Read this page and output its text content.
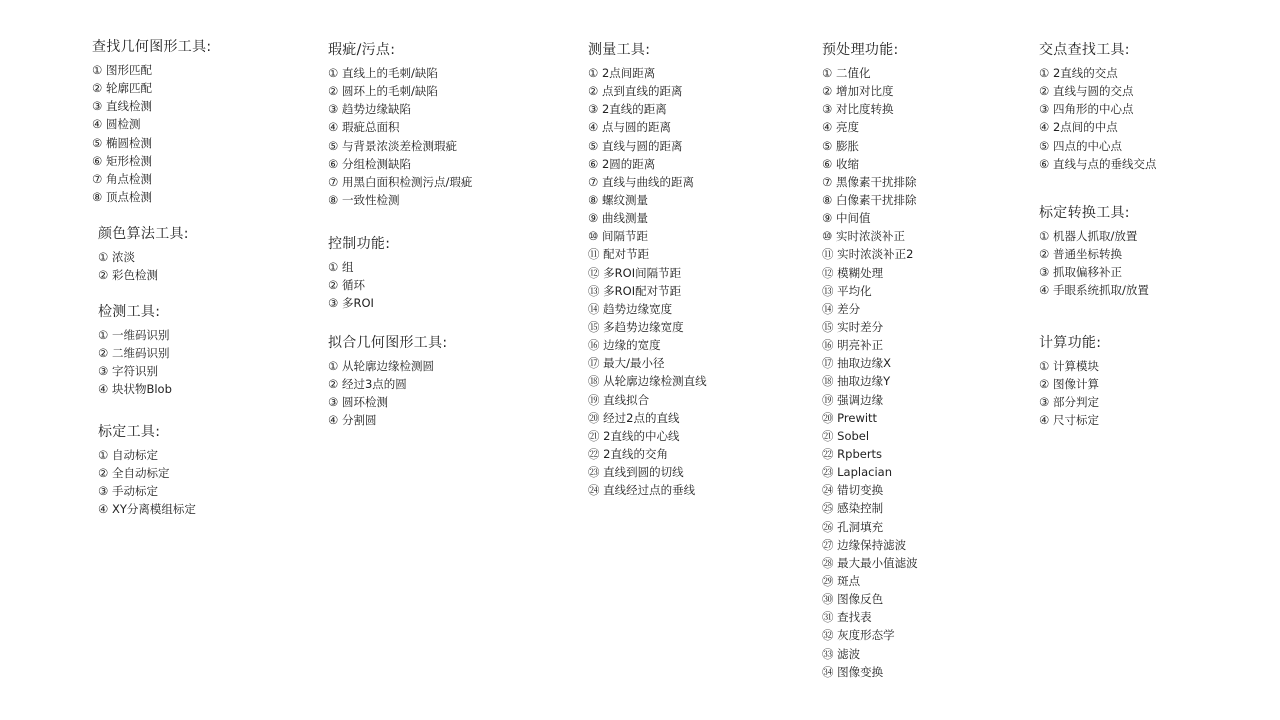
查找几何图形工具:
① 图形匹配
② 轮廓匹配
③ 直线检测
④ 圆检测
⑤ 椭圆检测
⑥ 矩形检测
⑦ 角点检测
⑧ 顶点检测
颜色算法工具:
① 浓淡
② 彩色检测
检测工具:
① 一维码识别
② 二维码识别
③ 字符识别
④ 块状物Blob
标定工具:
① 自动标定
② 全自动标定
③ 手动标定
④ XY分离模组标定
瑕疵/污点:
① 直线上的毛刺/缺陷
② 圆环上的毛刺/缺陷
③ 趋势边缘缺陷
④ 瑕疵总面积
⑤ 与背景浓淡差检测瑕疵
⑥ 分组检测缺陷
⑦ 用黑白面积检测污点/瑕疵
⑧ 一致性检测
控制功能:
① 组
② 循环
③ 多ROI
拟合几何图形工具:
① 从轮廓边缘检测圆
② 经过3点的圆
③ 圆环检测
④ 分割圆
测量工具:
① 2点间距离
② 点到直线的距离
③ 2直线的距离
④ 点与圆的距离
⑤ 直线与圆的距离
⑥ 2圆的距离
⑦ 直线与曲线的距离
⑧ 螺纹测量
⑨ 曲线测量
⑩ 间隔节距
⑪ 配对节距
⑫ 多ROI间隔节距
⑬ 多ROI配对节距
⑭ 趋势边缘宽度
⑮ 多趋势边缘宽度
⑯ 边缘的宽度
⑰ 最大/最小径
⑱ 从轮廓边缘检测直线
⑲ 直线拟合
⑳ 经过2点的直线
㉑ 2直线的中心线
㉒ 2直线的交角
㉓ 直线到圆的切线
㉔ 直线经过点的垂线
预处理功能:
① 二值化
② 增加对比度
③ 对比度转换
④ 亮度
⑤ 膨胀
⑥ 收缩
⑦ 黑像素干扰排除
⑧ 白像素干扰排除
⑨ 中间值
⑩ 实时浓淡补正
⑪ 实时浓淡补正2
⑫ 模糊处理
⑬ 平均化
⑭ 差分
⑮ 实时差分
⑯ 明亮补正
⑰ 抽取边缘X
⑱ 抽取边缘Y
⑲ 强调边缘
⑳ Prewitt
㉑ Sobel
㉒ Rpberts
㉓ Laplacian
㉔ 错切变换
㉕ 感染控制
㉖ 孔洞填充
㉗ 边缘保持滤波
㉘ 最大最小值滤波
㉙ 斑点
㉚ 图像反色
㉛ 查找表
㉜ 灰度形态学
㉝ 滤波
㉞ 图像变换
交点查找工具:
① 2直线的交点
② 直线与圆的交点
③ 四角形的中心点
④ 2点间的中点
⑤ 四点的中心点
⑥ 直线与点的垂线交点
标定转换工具:
① 机器人抓取/放置
② 普通坐标转换
③ 抓取偏移补正
④ 手眼系统抓取/放置
计算功能:
① 计算模块
② 图像计算
③ 部分判定
④ 尺寸标定
